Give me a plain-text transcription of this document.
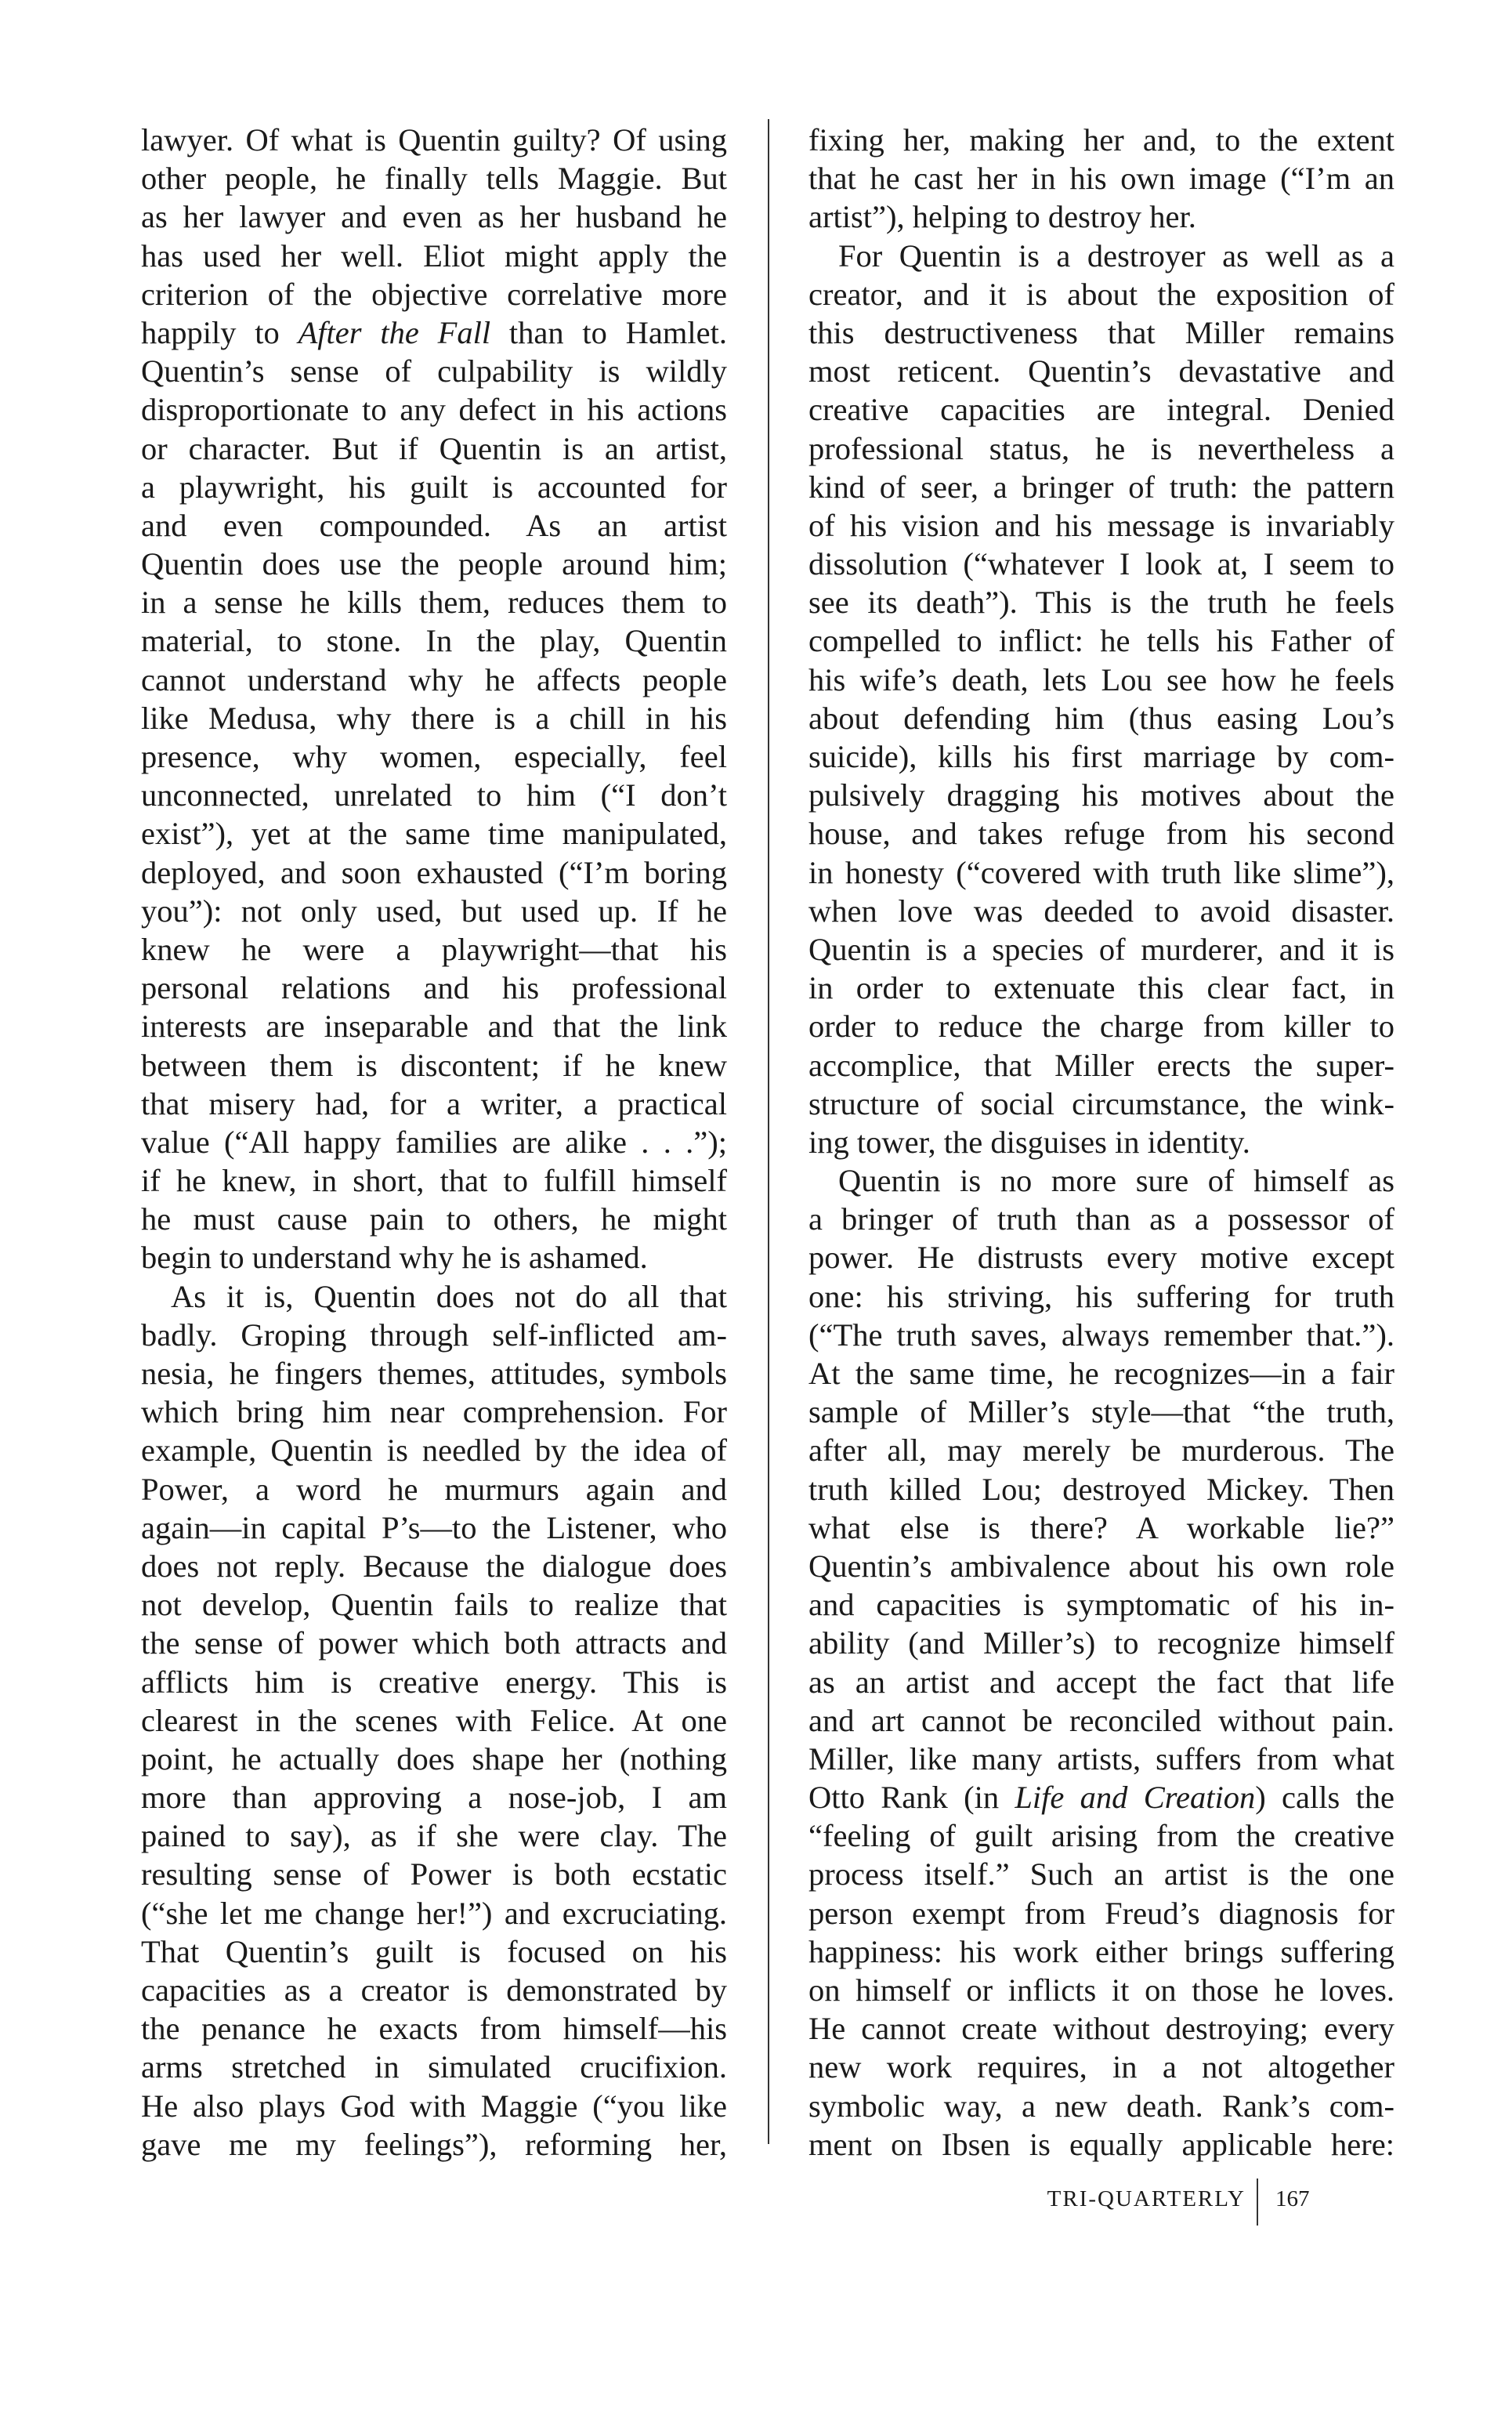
lawyer. Of what is Quentin guilty? Of using
other people, he finally tells Maggie. But
as her lawyer and even as her husband he
has used her well. Eliot might apply the
criterion of the objective correlative more
happily to After the Fall than to Hamlet.
Quentin’s sense of culpability is wildly
disproportionate to any defect in his actions
or character. But if Quentin is an artist,
a playwright, his guilt is accounted for
and even compounded. As an artist
Quentin does use the people around him;
in a sense he kills them, reduces them to
material, to stone. In the play, Quentin
cannot understand why he affects people
like Medusa, why there is a chill in his
presence, why women, especially, feel
unconnected, unrelated to him (“I don’t
exist”), yet at the same time manipulated,
deployed, and soon exhausted (“I’m boring
you”): not only used, but used up. If he
knew he were a playwright—that his
personal relations and his professional
interests are inseparable and that the link
between them is discontent; if he knew
that misery had, for a writer, a practical
value (“All happy families are alike . . .”);
if he knew, in short, that to fulfill himself
he must cause pain to others, he might
begin to understand why he is ashamed.
As it is, Quentin does not do all that
badly. Groping through self-inflicted am-
nesia, he fingers themes, attitudes, symbols
which bring him near comprehension. For
example, Quentin is needled by the idea of
Power, a word he murmurs again and
again—in capital P’s—to the Listener, who
does not reply. Because the dialogue does
not develop, Quentin fails to realize that
the sense of power which both attracts and
afflicts him is creative energy. This is
clearest in the scenes with Felice. At one
point, he actually does shape her (nothing
more than approving a nose-job, I am
pained to say), as if she were clay. The
resulting sense of Power is both ecstatic
(“she let me change her!”) and excruciating.
That Quentin’s guilt is focused on his
capacities as a creator is demonstrated by
the penance he exacts from himself—his
arms stretched in simulated crucifixion.
He also plays God with Maggie (“you like
gave me my feelings”), reforming her,
fixing her, making her and, to the extent
that he cast her in his own image (“I’m an
artist”), helping to destroy her.
For Quentin is a destroyer as well as a
creator, and it is about the exposition of
this destructiveness that Miller remains
most reticent. Quentin’s devastative and
creative capacities are integral. Denied
professional status, he is nevertheless a
kind of seer, a bringer of truth: the pattern
of his vision and his message is invariably
dissolution (“whatever I look at, I seem to
see its death”). This is the truth he feels
compelled to inflict: he tells his Father of
his wife’s death, lets Lou see how he feels
about defending him (thus easing Lou’s
suicide), kills his first marriage by com-
pulsively dragging his motives about the
house, and takes refuge from his second
in honesty (“covered with truth like slime”),
when love was deeded to avoid disaster.
Quentin is a species of murderer, and it is
in order to extenuate this clear fact, in
order to reduce the charge from killer to
accomplice, that Miller erects the super-
structure of social circumstance, the wink-
ing tower, the disguises in identity.
Quentin is no more sure of himself as
a bringer of truth than as a possessor of
power. He distrusts every motive except
one: his striving, his suffering for truth
(“The truth saves, always remember that.”).
At the same time, he recognizes—in a fair
sample of Miller’s style—that “the truth,
after all, may merely be murderous. The
truth killed Lou; destroyed Mickey. Then
what else is there? A workable lie?”
Quentin’s ambivalence about his own role
and capacities is symptomatic of his in-
ability (and Miller’s) to recognize himself
as an artist and accept the fact that life
and art cannot be reconciled without pain.
Miller, like many artists, suffers from what
Otto Rank (in Life and Creation) calls the
“feeling of guilt arising from the creative
process itself.” Such an artist is the one
person exempt from Freud’s diagnosis for
happiness: his work either brings suffering
on himself or inflicts it on those he loves.
He cannot create without destroying; every
new work requires, in a not altogether
symbolic way, a new death. Rank’s com-
ment on Ibsen is equally applicable here:
TRI-QUARTERLY 167
